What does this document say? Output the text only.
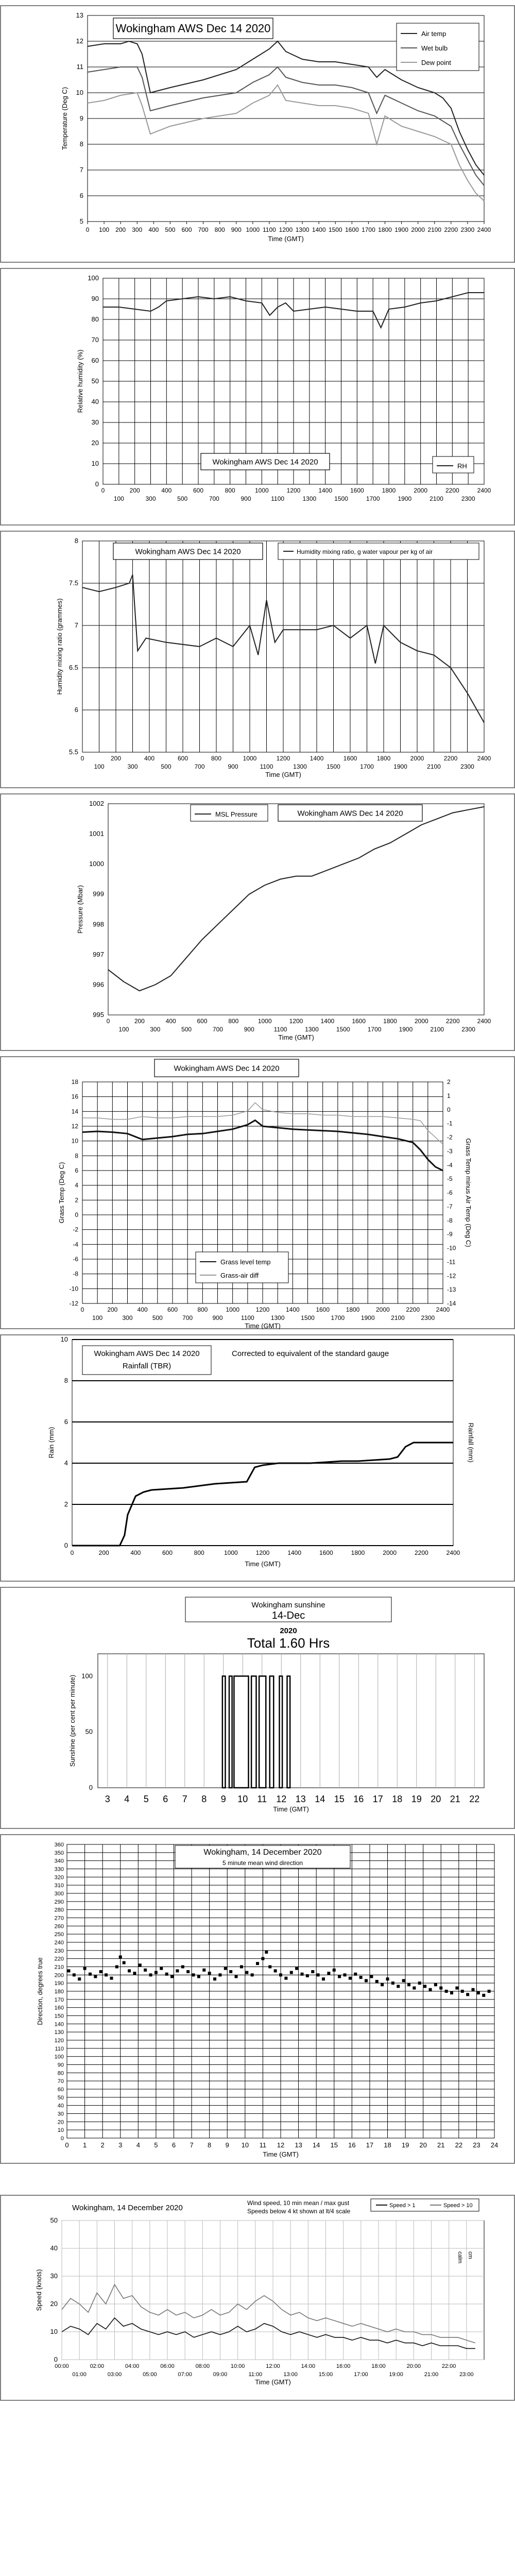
5
6
7
8
9
10
11
12
13
Temperature (Deg C)
0 100 200 300 400 500 600 700 800 900 1000 1100 1200 1300 1400 1500 1600 1700 1800 1900 2000 2100 2200 2300 2400
Time (GMT)
Wokingham AWS Dec 14 2020	Air temp
Wet bulb
Dew point
0
10
20
30
40
50
60
70
80
90
100
Relative humidity (%)
0	200	400	600	800	1000	1200	1400	1600	1800	2000	2200	2400
100	300	500	700	900	1100	1300	1500	1700	1900	2100	2300
Wokingham AWS Dec 14 2020	RH
5.5
6
6.5
7
7.5
8
Humidity mixing ratio (grammes)
0	200	400	600	800	1000	1200	1400	1600	1800	2000	2200	2400
100	300	500	700	900	1100	1300	1500	1700	1900	2100	2300
Time (GMT)
Wokingham AWS Dec 14 2020	Humidity mixing ratio, g water vapour per kg of air
995
996
997
998
999
1000
1001
1002
Pressure (Mbar)
0	200	400	600	800	1000	1200	1400	1600	1800	2000	2200	2400
100	300	500	700	900	1100	1300	1500	1700	1900	2100	2300
Time (GMT)
MSL Pressure	Wokingham AWS Dec 14 2020
-12
-10
-8
-6
-4
-2
0
2
4
6
8
10
12
14
16
18
Grass Temp (Deg C)
-14
-13
-12
-11
-10
-9
-8
-7
-6
-5
-4
-3
-2
-1
0
1
2
Grass Temp minus Air Temp (Deg C)
0	200	400	600	800	1000	1200	1400	1600	1800	2000	2200	2400
100	300	500	700	900	1100	1300	1500	1700	1900	2100	2300
Time (GMT)
Wokingham AWS Dec 14 2020
Grass level temp
Grass-air diff
0
2
4
6
8
10
Rain (mm)	Rainfall (mm)
0	200	400	600	800	1000	1200	1400	1600	1800	2000	2200	2400
Time (GMT)
Wokingham AWS Dec 14 2020
Rainfall (TBR)
Corrected to equivalent of the standard gauge
0
50
100
Sunshine (per cent per minute)
3 4 5 6 7 8 9 10 11 12 13 14 15 16 17 18 19 20 21 22
Time (GMT)
Wokingham sunshine
14-Dec
2020
Total 1.60 Hrs
0
10
20
30
40
50
60
70
80
90
100
110
120
130
140
150
160
170
180
190
200
210
220
230
240
250
260
270
280
290
300
310
320
330
340
350
360
Direction, degrees true
0 1 2 3 4 5 6 7 8 9 10 11 12 13 14 15 16 17 18 19 20 21 22 23 24
Time (GMT)
Wokingham, 14 December 2020
5 minute mean wind direction
0
10
20
30
40
50
Speed (knots)
00:00	02:00	04:00	06:00	08:00	10:00	12:00	14:00	16:00	18:00	20:00	22:00
01:00	03:00	05:00	07:00	09:00	11:00	13:00	15:00	17:00	19:00	21:00	23:00
Time (GMT)
Wokingham, 14 December 2020
Wind speed, 10 min mean / max gust
Speeds below 4 kt shown at lt/4 scale
Speed > 1	Speed > 10
calm cm
